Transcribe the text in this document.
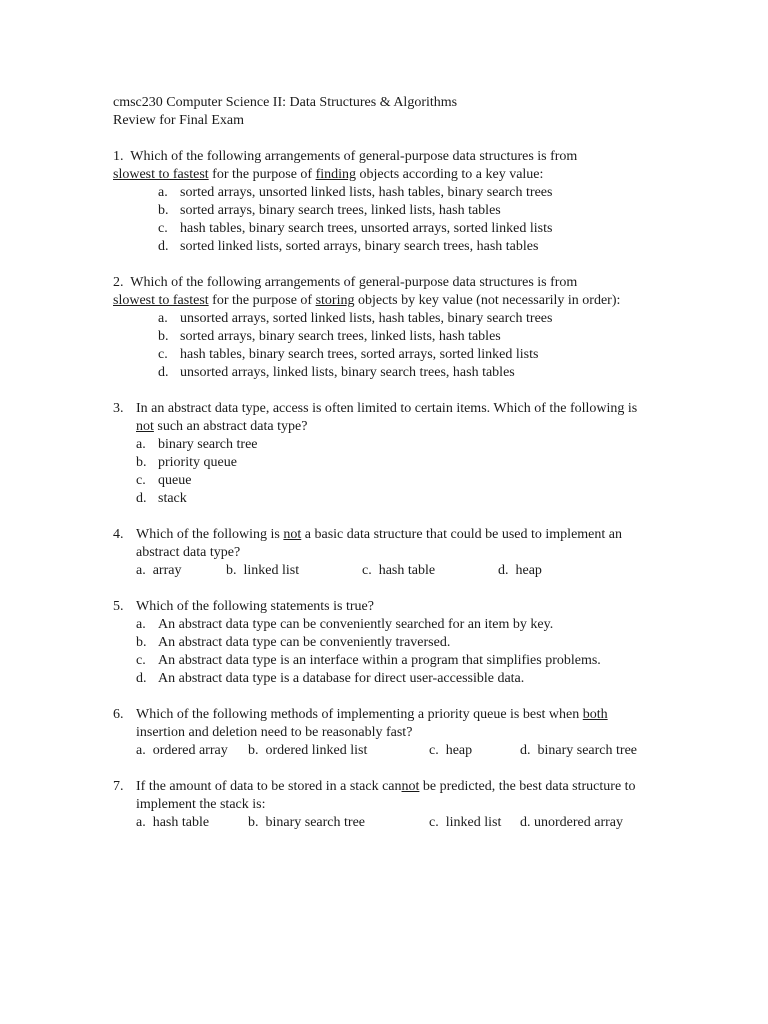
cmsc230 Computer Science II: Data Structures & Algorithms
Review for Final Exam
1. Which of the following arrangements of general-purpose data structures is from
slowest to fastest for the purpose of finding objects according to a key value:
a. sorted arrays, unsorted linked lists, hash tables, binary search trees
b. sorted arrays, binary search trees, linked lists, hash tables
c. hash tables, binary search trees, unsorted arrays, sorted linked lists
d. sorted linked lists, sorted arrays, binary search trees, hash tables
2. Which of the following arrangements of general-purpose data structures is from
slowest to fastest for the purpose of storing objects by key value (not necessarily in order):
a. unsorted arrays, sorted linked lists, hash tables, binary search trees
b. sorted arrays, binary search trees, linked lists, hash tables
c. hash tables, binary search trees, sorted arrays, sorted linked lists
d. unsorted arrays, linked lists, binary search trees, hash tables
3. In an abstract data type, access is often limited to certain items. Which of the following is not such an abstract data type?
a. binary search tree
b. priority queue
c. queue
d. stack
4. Which of the following is not a basic data structure that could be used to implement an abstract data type?
a. array	b. linked list	c. hash table	d. heap
5. Which of the following statements is true?
a. An abstract data type can be conveniently searched for an item by key.
b. An abstract data type can be conveniently traversed.
c. An abstract data type is an interface within a program that simplifies problems.
d. An abstract data type is a database for direct user-accessible data.
6. Which of the following methods of implementing a priority queue is best when both insertion and deletion need to be reasonably fast?
a. ordered array	b. ordered linked list	c. heap	d. binary search tree
7. If the amount of data to be stored in a stack cannot be predicted, the best data structure to implement the stack is:
a. hash table	b. binary search tree	c. linked list	d. unordered array
